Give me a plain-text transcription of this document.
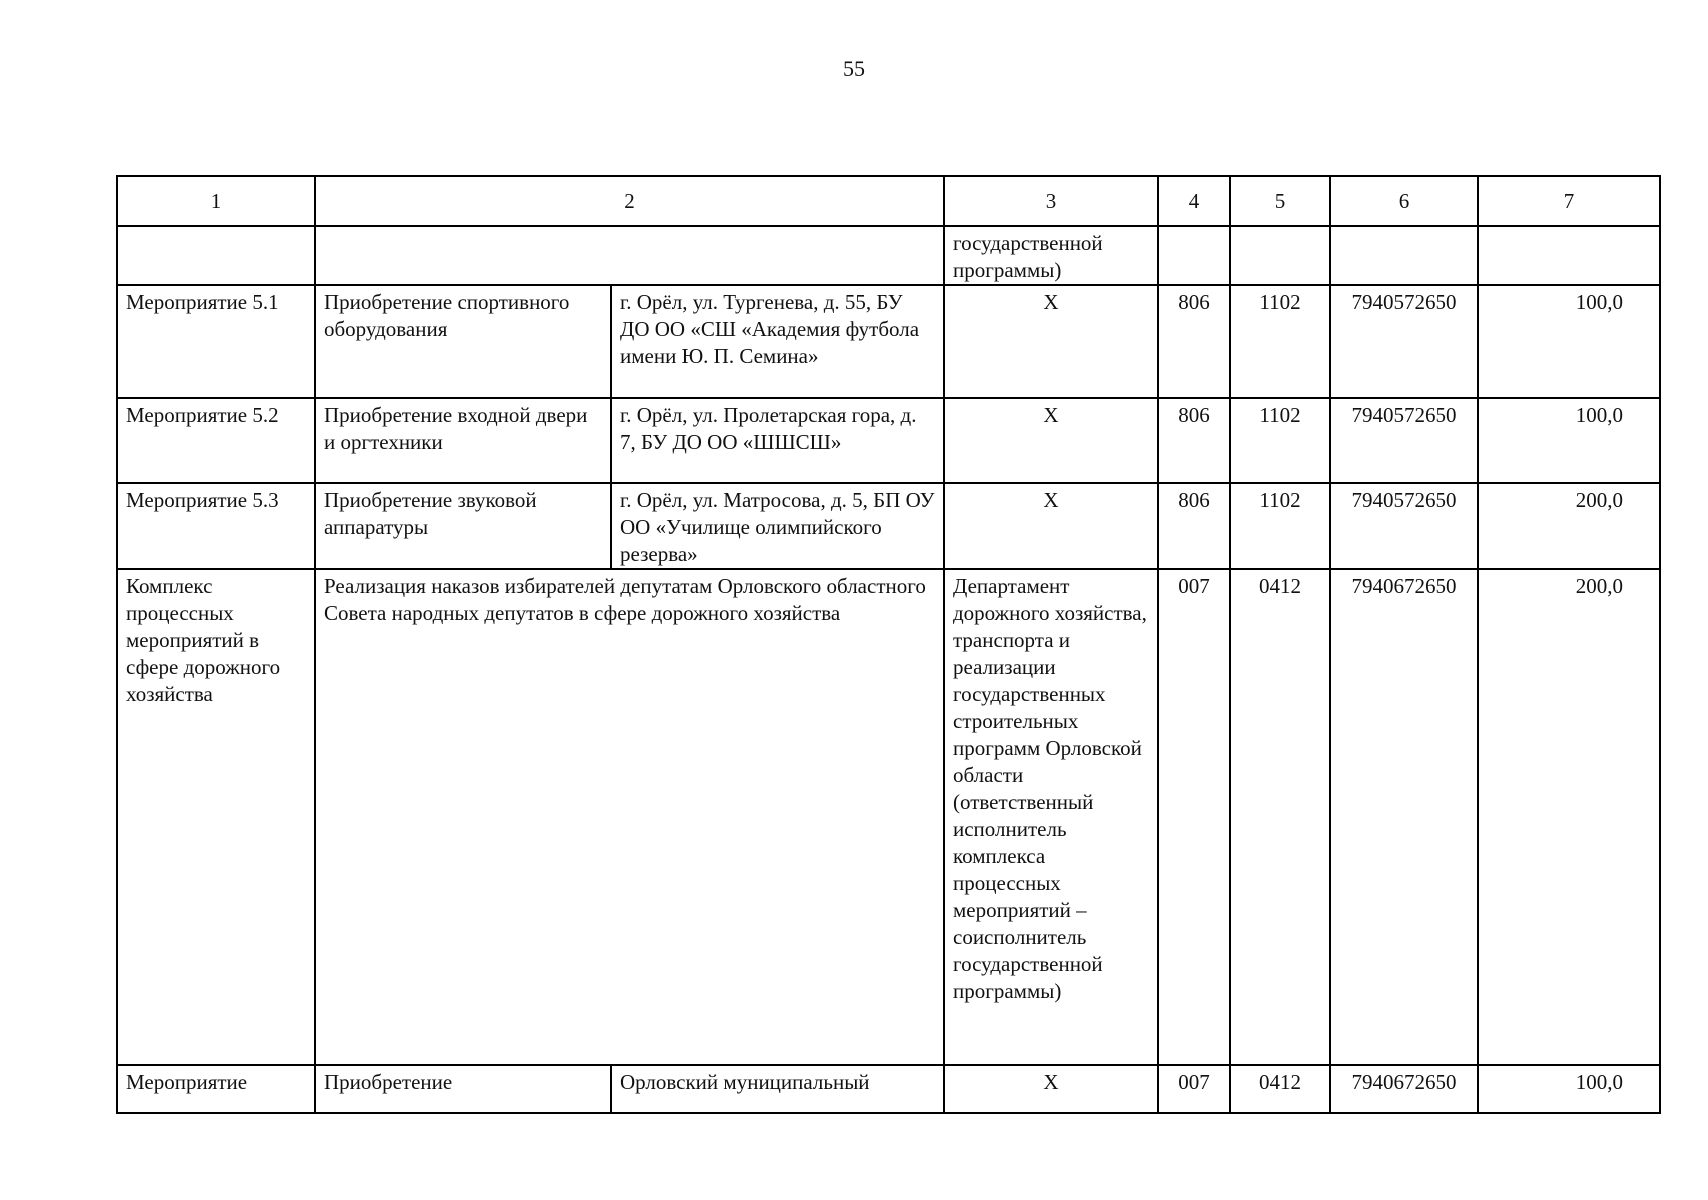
55
1	2		3	4	5	6	7
			государственной программы)				
Мероприятие 5.1	Приобретение спортивного оборудования	г. Орёл, ул. Тургенева, д. 55, БУ ДО ОО «СШ «Академия футбола имени Ю. П. Семина»	Х	806	1102	7940572650	100,0
Мероприятие 5.2	Приобретение входной двери и оргтехники	г. Орёл, ул. Пролетарская гора, д. 7, БУ ДО ОО «ШШСШ»	Х	806	1102	7940572650	100,0
Мероприятие 5.3	Приобретение звуковой аппаратуры	г. Орёл, ул. Матросова, д. 5, БП ОУ ОО «Училище олимпийского резерва»	Х	806	1102	7940572650	200,0
Комплекс процессных мероприятий в сфере дорожного хозяйства	Реализация наказов избирателей депутатам Орловского областного Совета народных депутатов в сфере дорожного хозяйства		Департамент дорожного хозяйства, транспорта и реализации государственных строительных программ Орловской области (ответственный исполнитель комплекса процессных мероприятий – соисполнитель государственной программы)	007	0412	7940672650	200,0
Мероприятие	Приобретение	Орловский муниципальный	Х	007	0412	7940672650	100,0
